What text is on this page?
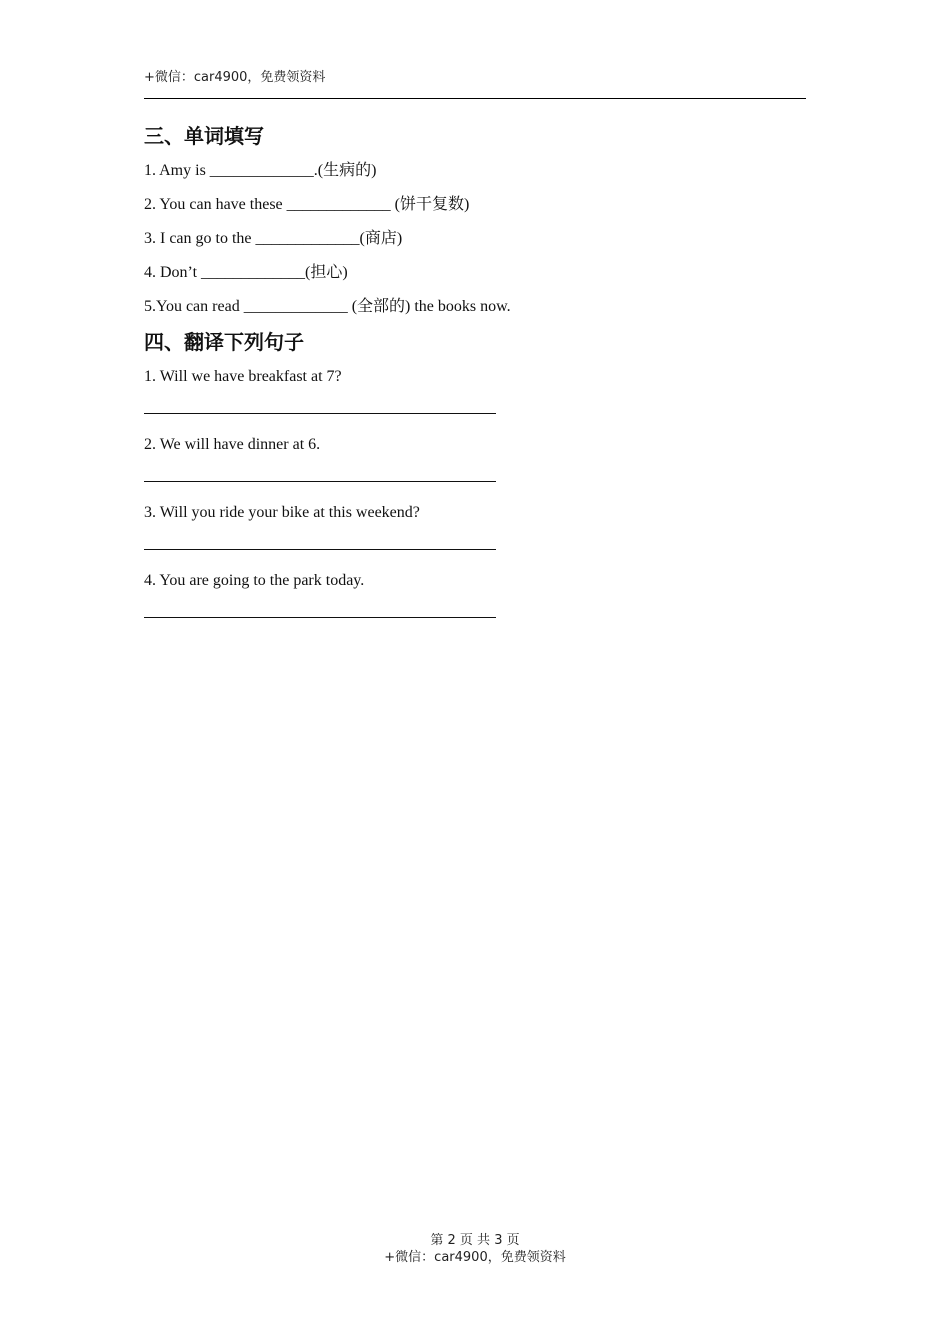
+微信：car4900，免费领资料
三、单词填写
1. Amy is _____________.(生病的)
2. You can have these _____________ (饼干复数)
3. I can go to the _____________(商店)
4. Don’t _____________(担心)
5.You can read _____________ (全部的) the books now.
四、翻译下列句子
1. Will we have breakfast at 7?
2. We will have dinner at 6.
3. Will you ride your bike at this weekend?
4. You are going to the park today.
第 2 页 共 3 页
+微信：car4900，免费领资料
